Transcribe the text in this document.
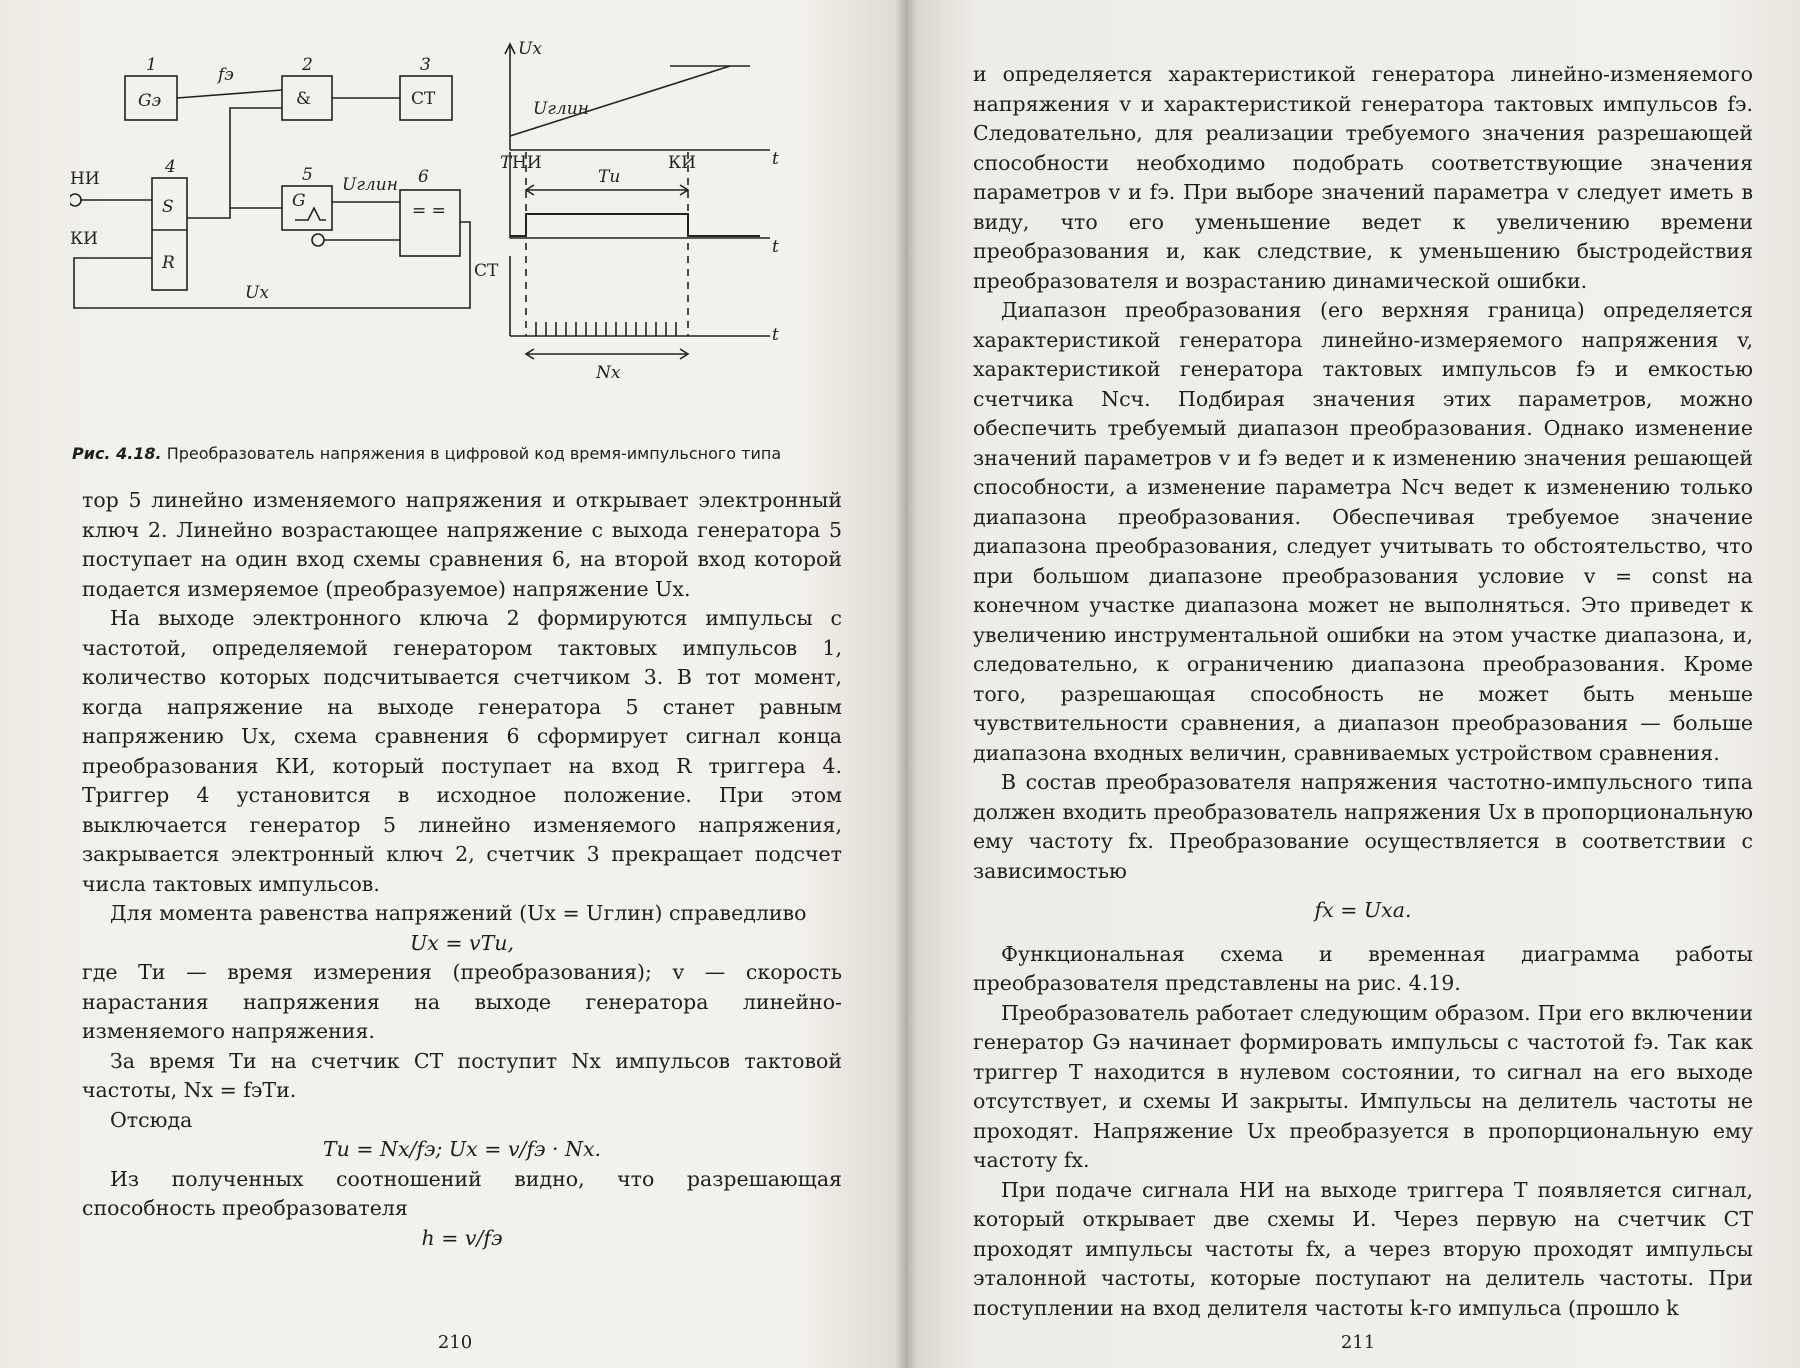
1
Gэ
fэ	2
&
3
CT
4
S
R
5
G
6
= =
Uглин
Ux
НИ
КИ
Ux
Uглин
t
T НИ	КИ
t
Tи
CT
t
Nx
Рис. 4.18. Преобразователь напряжения в цифровой код время-импульсного типа

тор 5 линейно изменяемого напряжения и открывает электронный ключ 2. Линейно возрастающее напряжение с выхода генератора 5 поступает на один вход схемы сравнения 6, на второй вход которой подается измеряемое (преобразуемое) напряжение Ux.

На выходе электронного ключа 2 формируются импульсы с частотой, определяемой генератором тактовых импульсов 1, количество которых подсчитывается счетчиком 3. В тот момент, когда напряжение на выходе генератора 5 станет равным напряжению Ux, схема сравнения 6 сформирует сигнал конца преобразования КИ, который поступает на вход R триггера 4. Триггер 4 установится в исходное положение. При этом выключается генератор 5 линейно изменяемого напряжения, закрывается электронный ключ 2, счетчик 3 прекращает подсчет числа тактовых импульсов.

Для момента равенства напряжений (Ux = Uглин) справедливо

Ux = vTи,

где Tи — время измерения (преобразования); v — скорость нарастания напряжения на выходе генератора линейно-изменяемого напряжения.

За время Tи на счетчик СТ поступит Nx импульсов тактовой частоты, Nx = fэTи.

Отсюда

Tи = Nx/fэ; Ux = v/fэ · Nx.

Из полученных соотношений видно, что разрешающая способность преобразователя

h = v/fэ

210

и определяется характеристикой генератора линейно-изменяемого напряжения v и характеристикой генератора тактовых импульсов fэ. Следовательно, для реализации требуемого значения разрешающей способности необходимо подобрать соответствующие значения параметров v и fэ. При выборе значений параметра v следует иметь в виду, что его уменьшение ведет к увеличению времени преобразования и, как следствие, к уменьшению быстродействия преобразователя и возрастанию динамической ошибки.

Диапазон преобразования (его верхняя граница) определяется характеристикой генератора линейно-измеряемого напряжения v, характеристикой генератора тактовых импульсов fэ и емкостью счетчика Nсч. Подбирая значения этих параметров, можно обеспечить требуемый диапазон преобразования. Однако изменение значений параметров v и fэ ведет и к изменению значения решающей способности, а изменение параметра Nсч ведет к изменению только диапазона преобразования. Обеспечивая требуемое значение диапазона преобразования, следует учитывать то обстоятельство, что при большом диапазоне преобразования условие v = const на конечном участке диапазона может не выполняться. Это приведет к увеличению инструментальной ошибки на этом участке диапазона, и, следовательно, к ограничению диапазона преобразования. Кроме того, разрешающая способность не может быть меньше чувствительности сравнения, а диапазон преобразования — больше диапазона входных величин, сравниваемых устройством сравнения.

В состав преобразователя напряжения частотно-импульсного типа должен входить преобразователь напряжения Ux в пропорциональную ему частоту fx. Преобразование осуществляется в соответствии с зависимостью

fx = Uxa.

Функциональная схема и временная диаграмма работы преобразователя представлены на рис. 4.19.

Преобразователь работает следующим образом. При его включении генератор Gэ начинает формировать импульсы с частотой fэ. Так как триггер Т находится в нулевом состоянии, то сигнал на его выходе отсутствует, и схемы И закрыты. Импульсы на делитель частоты не проходят. Напряжение Ux преобразуется в пропорциональную ему частоту fx.

При подаче сигнала НИ на выходе триггера Т появляется сигнал, который открывает две схемы И. Через первую на счетчик СТ проходят импульсы частоты fx, а через вторую проходят импульсы эталонной частоты, которые поступают на делитель частоты. При поступлении на вход делителя частоты k-го импульса (прошло k

211
